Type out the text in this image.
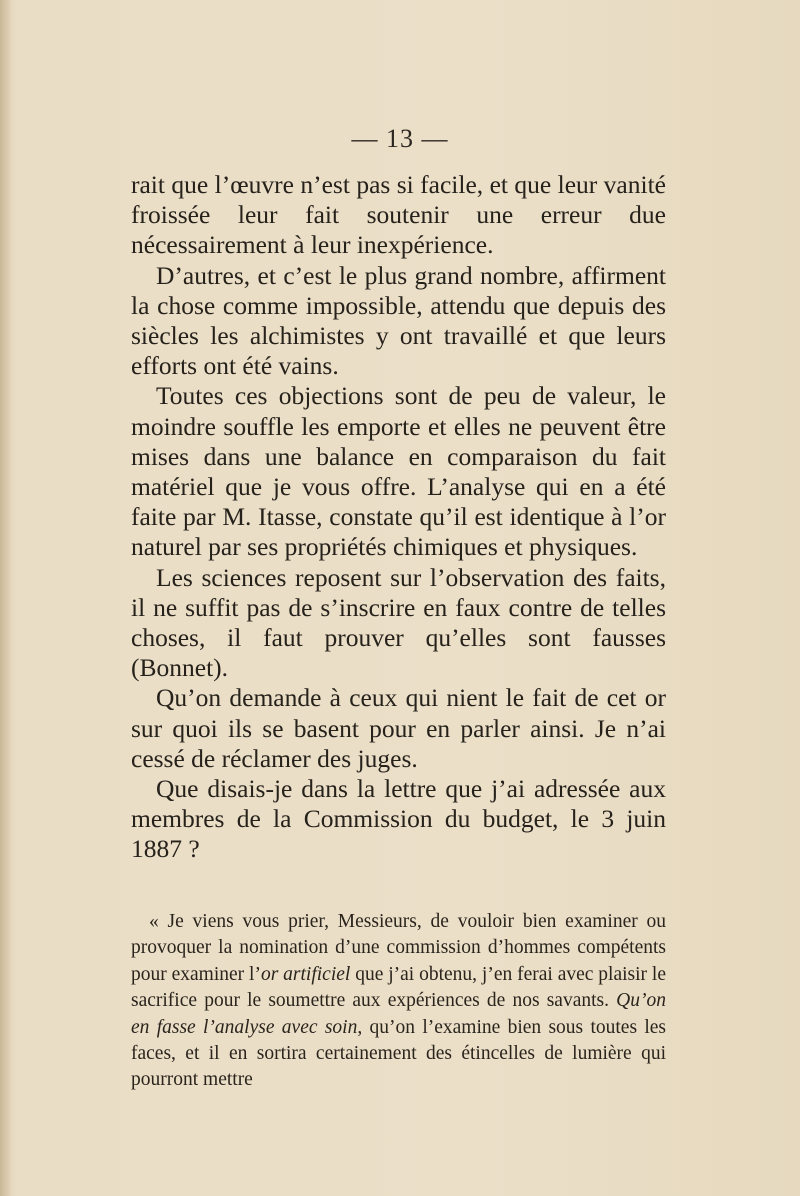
— 13 —

rait que l’œuvre n’est pas si facile, et que leur vanité froissée leur fait soutenir une erreur due nécessairement à leur inexpérience.

D’autres, et c’est le plus grand nombre, affirment la chose comme impossible, attendu que depuis des siècles les alchimistes y ont travaillé et que leurs efforts ont été vains.

Toutes ces objections sont de peu de valeur, le moindre souffle les emporte et elles ne peuvent être mises dans une balance en comparaison du fait matériel que je vous offre. L’analyse qui en a été faite par M. Itasse, constate qu’il est identique à l’or naturel par ses propriétés chimiques et physiques.

Les sciences reposent sur l’observation des faits, il ne suffit pas de s’inscrire en faux contre de telles choses, il faut prouver qu’elles sont fausses (Bonnet).

Qu’on demande à ceux qui nient le fait de cet or sur quoi ils se basent pour en parler ainsi. Je n’ai cessé de réclamer des juges.

Que disais-je dans la lettre que j’ai adressée aux membres de la Commission du budget, le 3 juin 1887 ?

« Je viens vous prier, Messieurs, de vouloir bien examiner ou provoquer la nomination d’une commission d’hommes compétents pour examiner l’or artificiel que j’ai obtenu, j’en ferai avec plaisir le sacrifice pour le soumettre aux expériences de nos savants. Qu’on en fasse l’analyse avec soin, qu’on l’examine bien sous toutes les faces, et il en sortira certainement des étincelles de lumière qui pourront mettre
